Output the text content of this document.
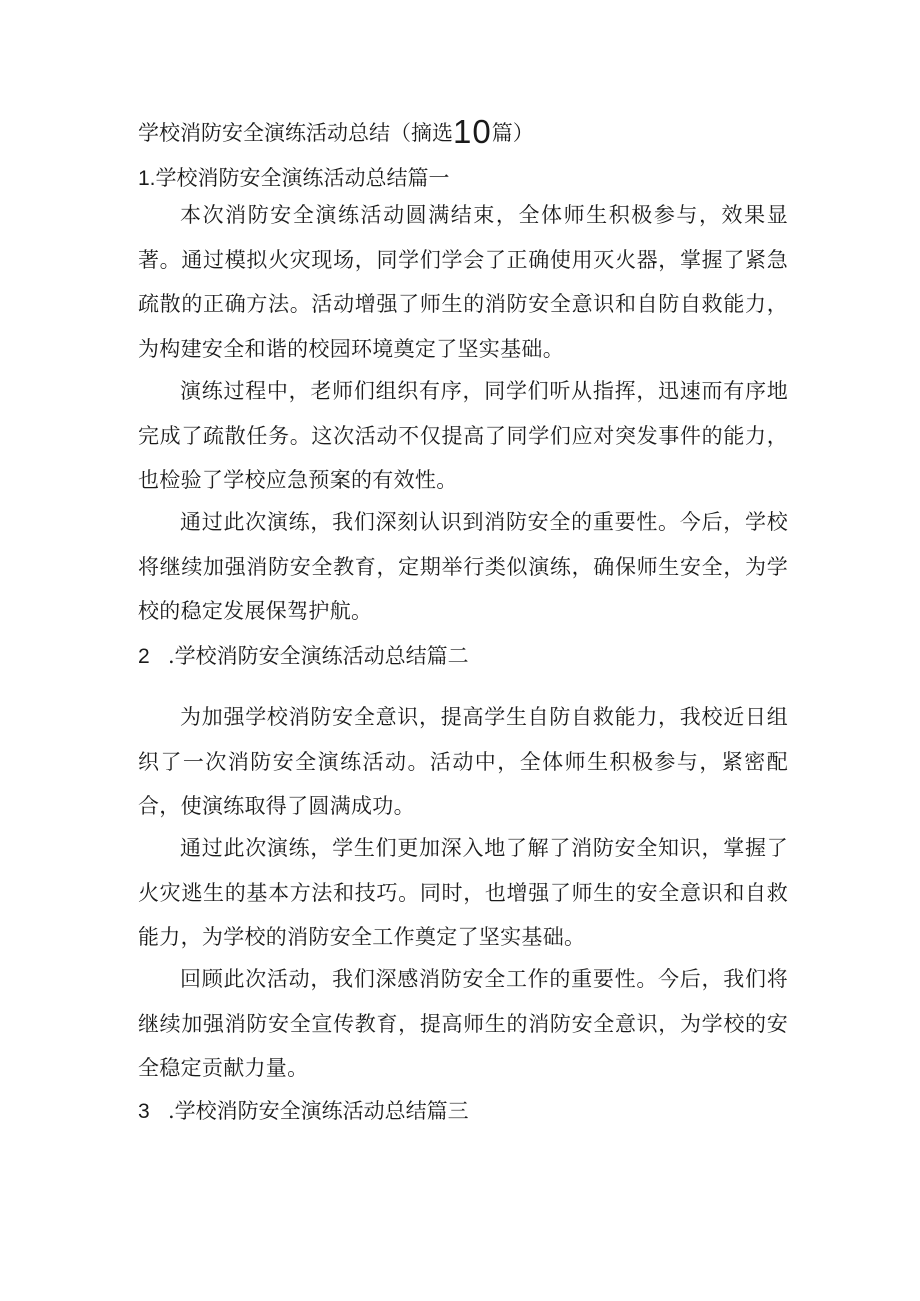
学校消防安全演练活动总结（摘选10篇）
1.学校消防安全演练活动总结篇一

本次消防安全演练活动圆满结束，全体师生积极参与，效果显著。通过模拟火灾现场，同学们学会了正确使用灭火器，掌握了紧急疏散的正确方法。活动增强了师生的消防安全意识和自防自救能力，为构建安全和谐的校园环境奠定了坚实基础。

演练过程中，老师们组织有序，同学们听从指挥，迅速而有序地完成了疏散任务。这次活动不仅提高了同学们应对突发事件的能力，也检验了学校应急预案的有效性。

通过此次演练，我们深刻认识到消防安全的重要性。今后，学校将继续加强消防安全教育，定期举行类似演练，确保师生安全，为学校的稳定发展保驾护航。

2 .学校消防安全演练活动总结篇二

为加强学校消防安全意识，提高学生自防自救能力，我校近日组织了一次消防安全演练活动。活动中，全体师生积极参与，紧密配合，使演练取得了圆满成功。

通过此次演练，学生们更加深入地了解了消防安全知识，掌握了火灾逃生的基本方法和技巧。同时，也增强了师生的安全意识和自救能力，为学校的消防安全工作奠定了坚实基础。

回顾此次活动，我们深感消防安全工作的重要性。今后，我们将继续加强消防安全宣传教育，提高师生的消防安全意识，为学校的安全稳定贡献力量。

3 .学校消防安全演练活动总结篇三
